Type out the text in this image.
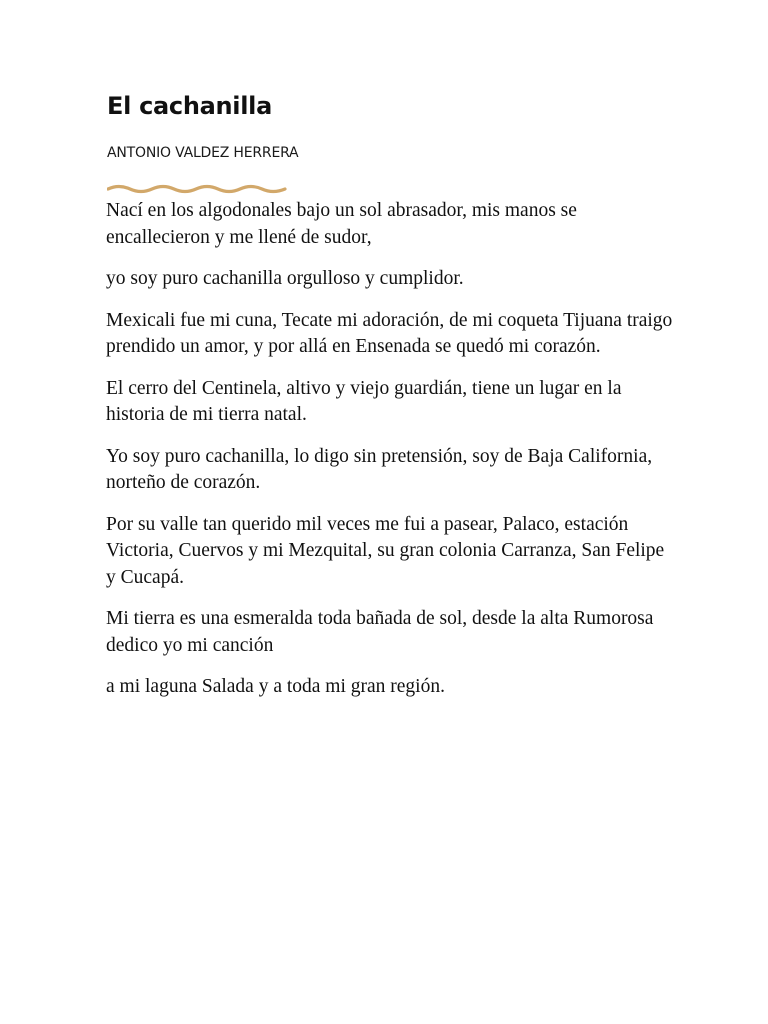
El cachanilla
ANTONIO VALDEZ HERRERA

Nací en los algodonales bajo un sol abrasador, mis manos se encallecieron y me llené de sudor,

yo soy puro cachanilla orgulloso y cumplidor.

Mexicali fue mi cuna, Tecate mi adoración, de mi coqueta Tijuana traigo prendido un amor, y por allá en Ensenada se quedó mi corazón.

El cerro del Centinela, altivo y viejo guardián, tiene un lugar en la historia de mi tierra natal.

Yo soy puro cachanilla, lo digo sin pretensión, soy de Baja California, norteño de corazón.

Por su valle tan querido mil veces me fui a pasear, Palaco, estación Victoria, Cuervos y mi Mezquital, su gran colonia Carranza, San Felipe y Cucapá.

Mi tierra es una esmeralda toda bañada de sol, desde la alta Rumorosa dedico yo mi canción

a mi laguna Salada y a toda mi gran región.
